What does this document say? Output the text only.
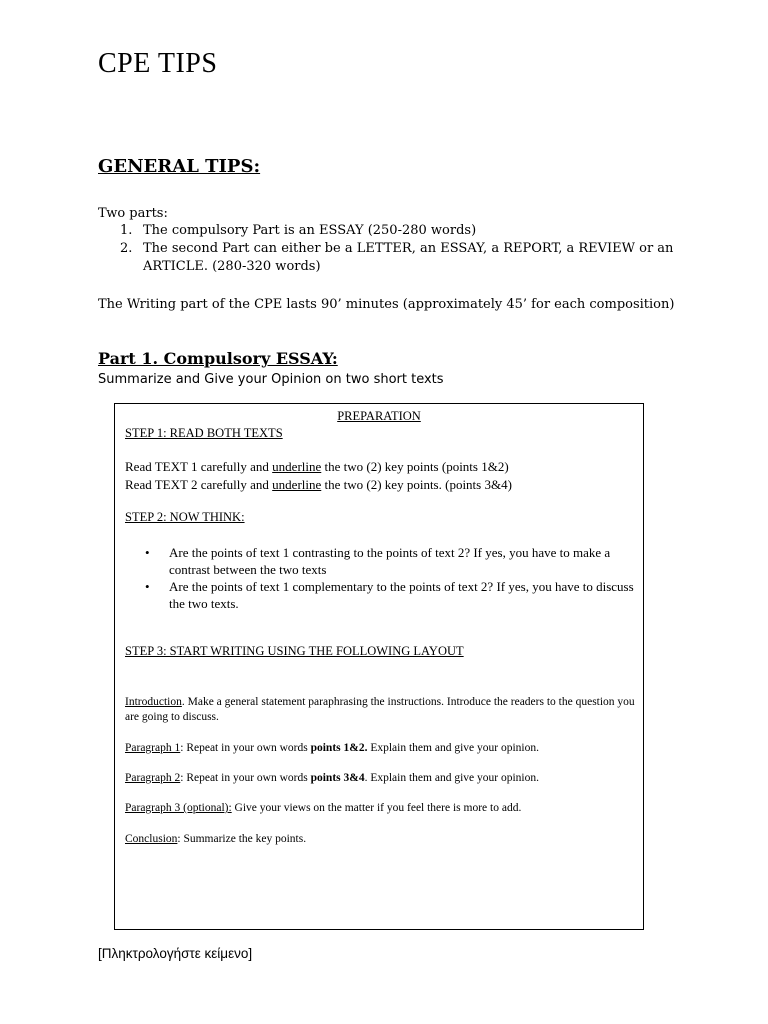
CPE TIPS
GENERAL TIPS:
Two parts:
1. The compulsory Part is an ESSAY (250-280 words)
2. The second Part can either be a LETTER, an ESSAY, a REPORT, a REVIEW or an ARTICLE. (280-320 words)
The Writing part of the CPE lasts 90’ minutes (approximately 45’ for each composition)
Part 1. Compulsory ESSAY:
Summarize and Give your Opinion on two short texts
PREPARATION
STEP 1: READ BOTH TEXTS
Read TEXT 1 carefully and underline the two (2) key points (points 1&2)
Read TEXT 2 carefully and underline the two (2) key points. (points 3&4)
STEP 2: NOW THINK:
• Are the points of text 1 contrasting to the points of text 2? If yes, you have to make a contrast between the two texts
• Are the points of text 1 complementary to the points of text 2? If yes, you have to discuss the two texts.
STEP 3: START WRITING USING THE FOLLOWING LAYOUT
Introduction. Make a general statement paraphrasing the instructions. Introduce the readers to the question you are going to discuss.
Paragraph 1: Repeat in your own words points 1&2. Explain them and give your opinion.
Paragraph 2: Repeat in your own words points 3&4. Explain them and give your opinion.
Paragraph 3 (optional): Give your views on the matter if you feel there is more to add.
Conclusion: Summarize the key points.
[Πληκτρολογήστε κείμενο]
